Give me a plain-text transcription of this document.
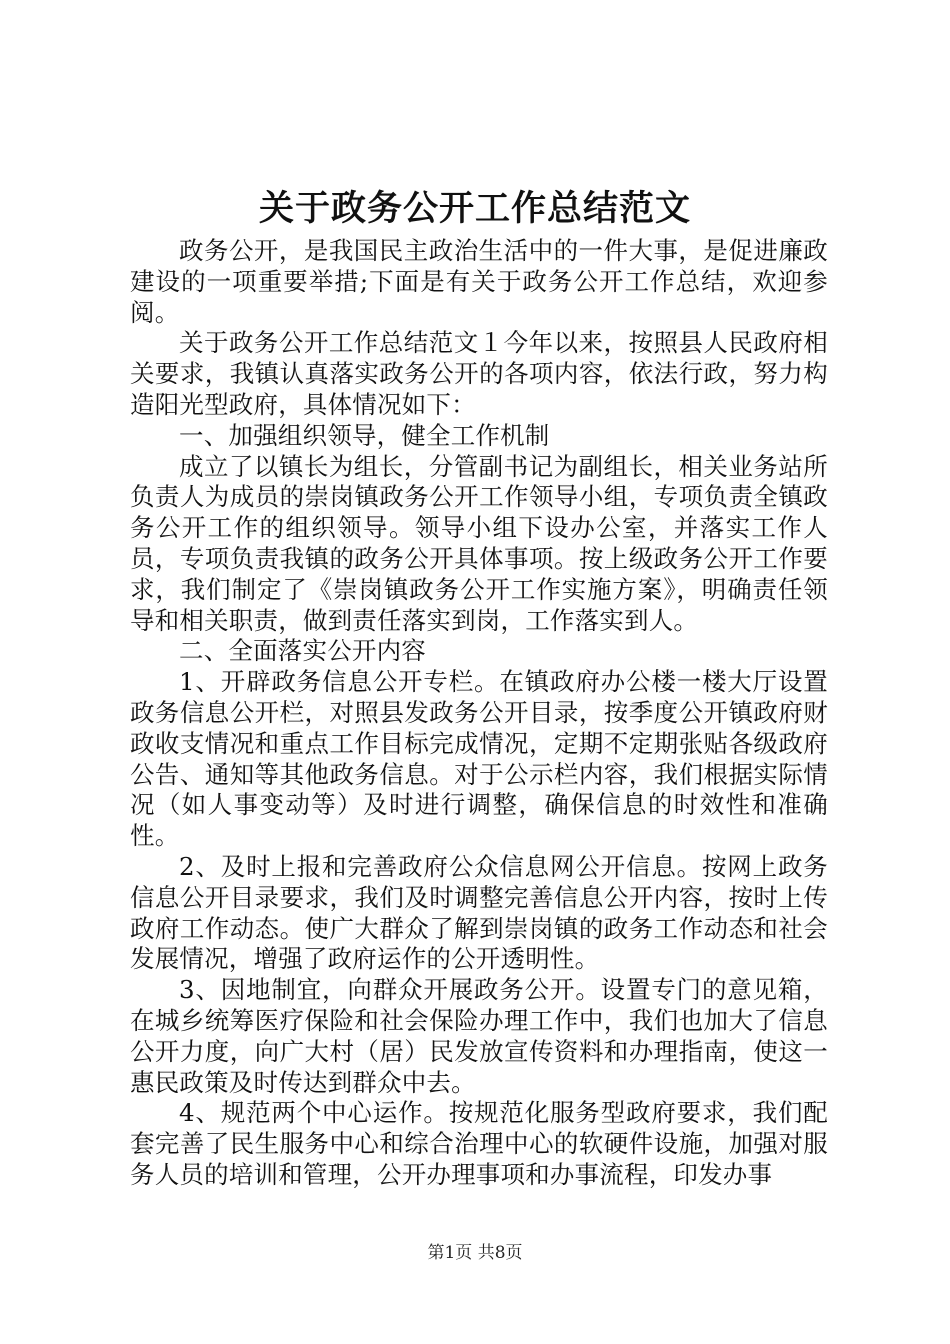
关于政务公开工作总结范文

政务公开，是我国民主政治生活中的一件大事，是促进廉政建设的一项重要举措;下面是有关于政务公开工作总结，欢迎参阅。

关于政务公开工作总结范文１今年以来，按照县人民政府相关要求，我镇认真落实政务公开的各项内容，依法行政，努力构造阳光型政府，具体情况如下：

一、加强组织领导，健全工作机制

成立了以镇长为组长，分管副书记为副组长，相关业务站所负责人为成员的崇岗镇政务公开工作领导小组，专项负责全镇政务公开工作的组织领导。领导小组下设办公室，并落实工作人员，专项负责我镇的政务公开具体事项。按上级政务公开工作要求，我们制定了《崇岗镇政务公开工作实施方案》，明确责任领导和相关职责，做到责任落实到岗，工作落实到人。

二、全面落实公开内容

1、开辟政务信息公开专栏。在镇政府办公楼一楼大厅设置政务信息公开栏，对照县发政务公开目录，按季度公开镇政府财政收支情况和重点工作目标完成情况，定期不定期张贴各级政府公告、通知等其他政务信息。对于公示栏内容，我们根据实际情况（如人事变动等）及时进行调整，确保信息的时效性和准确性。

2、及时上报和完善政府公众信息网公开信息。按网上政务信息公开目录要求，我们及时调整完善信息公开内容，按时上传政府工作动态。使广大群众了解到崇岗镇的政务工作动态和社会发展情况，增强了政府运作的公开透明性。

3、因地制宜，向群众开展政务公开。设置专门的意见箱，在城乡统筹医疗保险和社会保险办理工作中，我们也加大了信息公开力度，向广大村（居）民发放宣传资料和办理指南，使这一惠民政策及时传达到群众中去。

4、规范两个中心运作。按规范化服务型政府要求，我们配套完善了民生服务中心和综合治理中心的软硬件设施，加强对服务人员的培训和管理，公开办理事项和办事流程，印发办事

第1页 共8页
